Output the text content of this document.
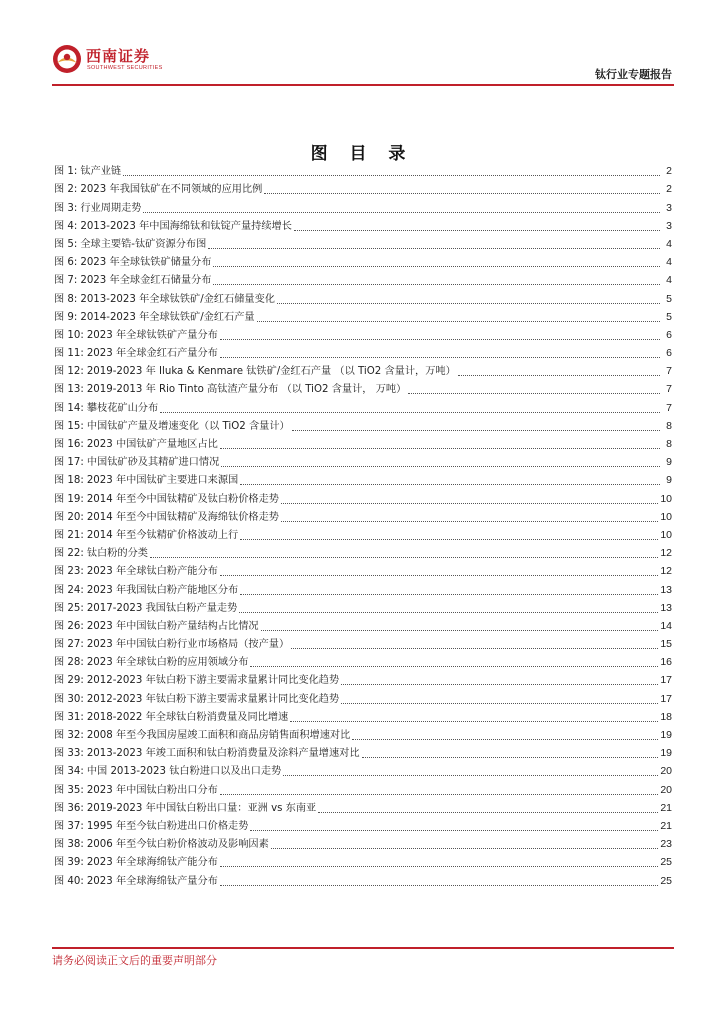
西南证券
SOUTHWEST SECURITIES	钛行业专题报告
图 目 录
图 1: 钛产业链	2
图 2: 2023 年我国钛矿在不同领域的应用比例	2
图 3: 行业周期走势	3
图 4: 2013-2023 年中国海绵钛和钛锭产量持续增长	3
图 5: 全球主要锆-钛矿资源分布图	4
图 6: 2023 年全球钛铁矿储量分布	4
图 7: 2023 年全球金红石储量分布	4
图 8: 2013-2023 年全球钛铁矿/金红石储量变化	5
图 9: 2014-2023 年全球钛铁矿/金红石产量	5
图 10: 2023 年全球钛铁矿产量分布	6
图 11: 2023 年全球金红石产量分布	6
图 12: 2019-2023 年 Iluka & Kenmare 钛铁矿/金红石产量 （以 TiO2 含量计，万吨）	7
图 13: 2019-2013 年 Rio Tinto 高钛渣产量分布 （以 TiO2 含量计， 万吨）	7
图 14: 攀枝花矿山分布	7
图 15: 中国钛矿产量及增速变化（以 TiO2 含量计）	8
图 16: 2023 中国钛矿产量地区占比	8
图 17: 中国钛矿砂及其精矿进口情况	9
图 18: 2023 年中国钛矿主要进口来源国	9
图 19: 2014 年至今中国钛精矿及钛白粉价格走势	10
图 20: 2014 年至今中国钛精矿及海绵钛价格走势	10
图 21: 2014 年至今钛精矿价格波动上行	10
图 22: 钛白粉的分类	12
图 23: 2023 年全球钛白粉产能分布	12
图 24: 2023 年我国钛白粉产能地区分布	13
图 25: 2017-2023 我国钛白粉产量走势	13
图 26: 2023 年中国钛白粉产量结构占比情况	14
图 27: 2023 年中国钛白粉行业市场格局（按产量）	15
图 28: 2023 年全球钛白粉的应用领域分布	16
图 29: 2012-2023 年钛白粉下游主要需求量累计同比变化趋势	17
图 30: 2012-2023 年钛白粉下游主要需求量累计同比变化趋势	17
图 31: 2018-2022 年全球钛白粉消费量及同比增速	18
图 32: 2008 年至今我国房屋竣工面积和商品房销售面积增速对比	19
图 33: 2013-2023 年竣工面积和钛白粉消费量及涂料产量增速对比	19
图 34: 中国 2013-2023 钛白粉进口以及出口走势	20
图 35: 2023 年中国钛白粉出口分布	20
图 36: 2019-2023 年中国钛白粉出口量：亚洲 vs 东南亚	21
图 37: 1995 年至今钛白粉进出口价格走势	21
图 38: 2006 年至今钛白粉价格波动及影响因素	23
图 39: 2023 年全球海绵钛产能分布	25
图 40: 2023 年全球海绵钛产量分布	25
请务必阅读正文后的重要声明部分
